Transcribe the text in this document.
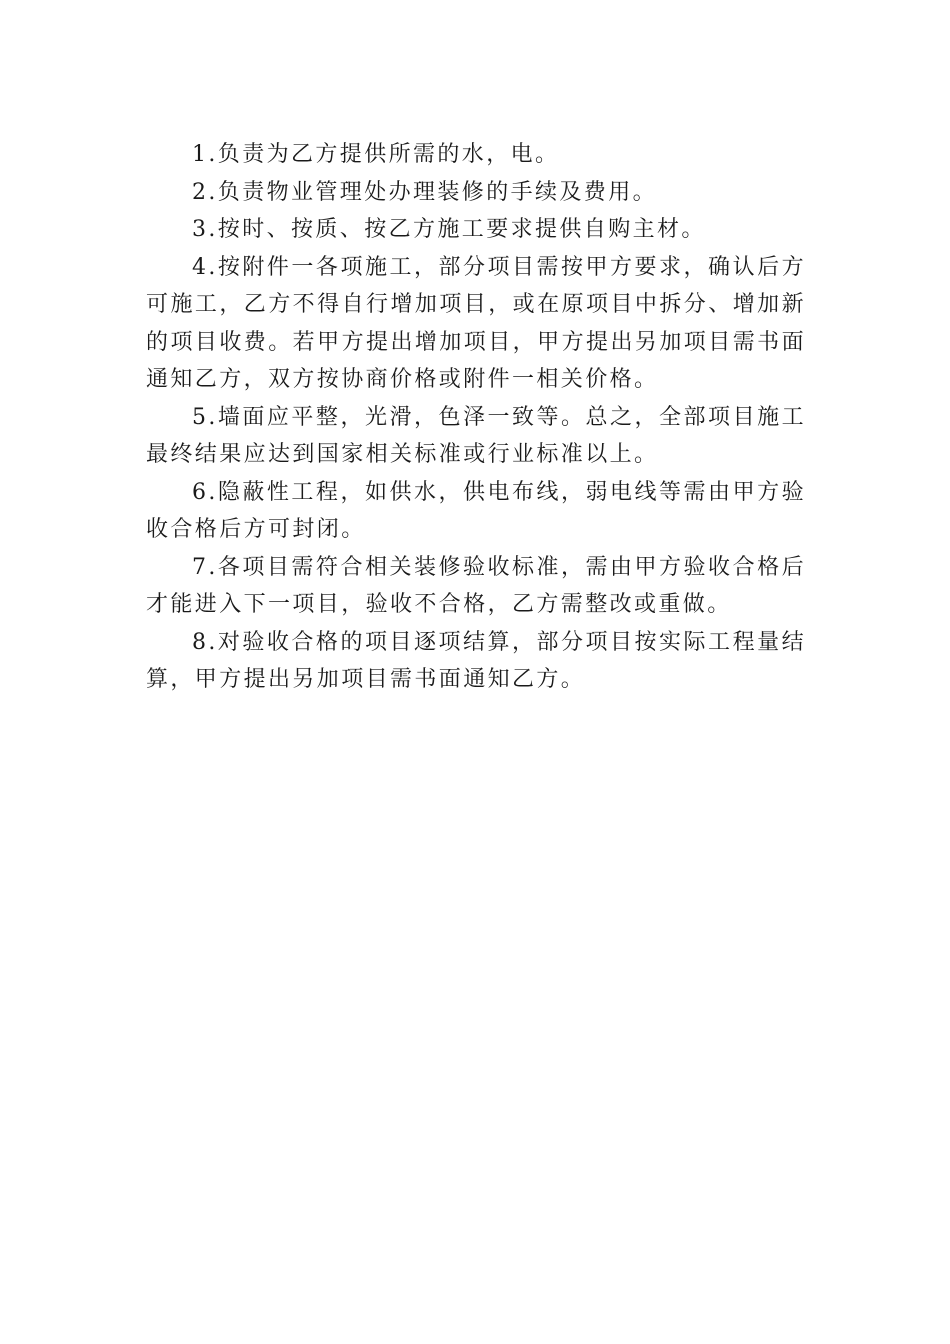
1.负责为乙方提供所需的水，电。

2.负责物业管理处办理装修的手续及费用。

3.按时、按质、按乙方施工要求提供自购主材。

4.按附件一各项施工，部分项目需按甲方要求，确认后方可施工，乙方不得自行增加项目，或在原项目中拆分、增加新的项目收费。若甲方提出增加项目，甲方提出另加项目需书面通知乙方，双方按协商价格或附件一相关价格。

5.墙面应平整，光滑，色泽一致等。总之，全部项目施工最终结果应达到国家相关标准或行业标准以上。

6.隐蔽性工程，如供水，供电布线，弱电线等需由甲方验收合格后方可封闭。

7.各项目需符合相关装修验收标准，需由甲方验收合格后才能进入下一项目，验收不合格，乙方需整改或重做。

8.对验收合格的项目逐项结算，部分项目按实际工程量结算，甲方提出另加项目需书面通知乙方。
